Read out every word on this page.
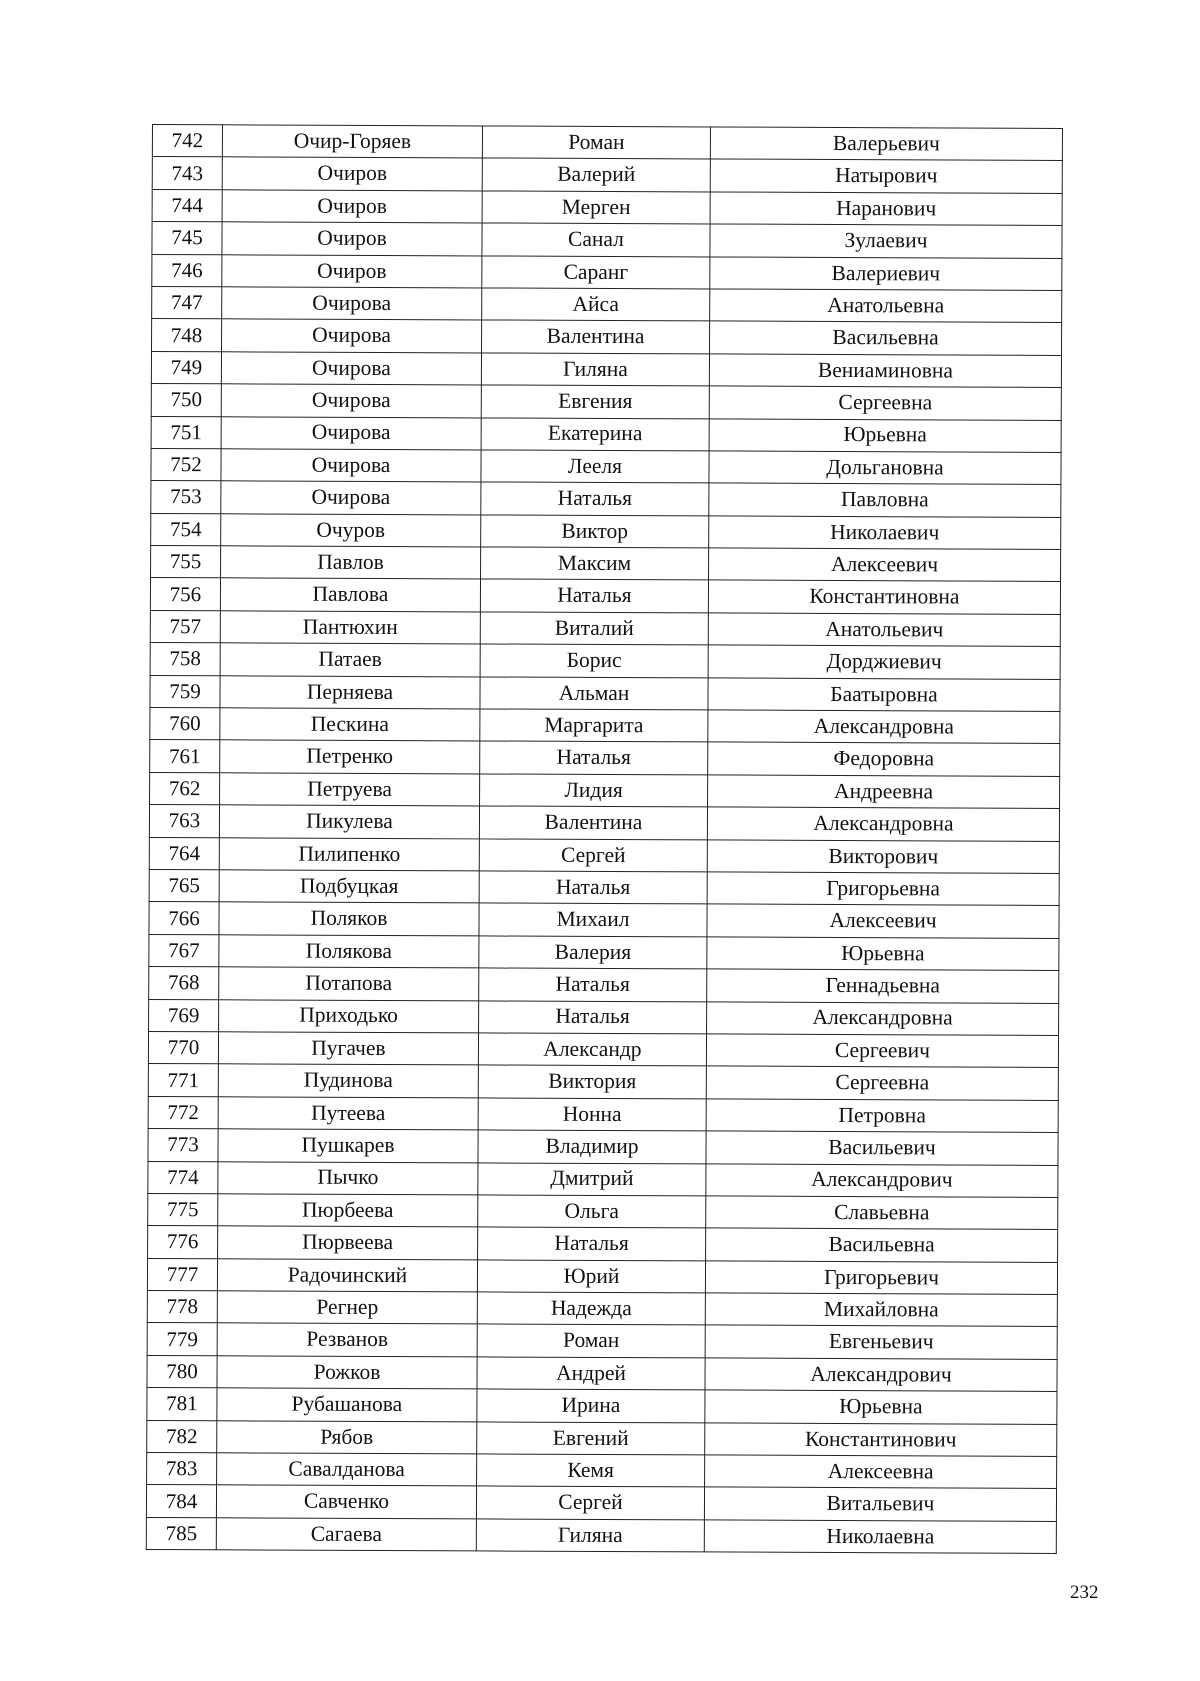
742	Очир-Горяев	Роман	Валерьевич
743	Очиров	Валерий	Натырович
744	Очиров	Мерген	Наранович
745	Очиров	Санал	Зулаевич
746	Очиров	Саранг	Валериевич
747	Очирова	Айса	Анатольевна
748	Очирова	Валентина	Васильевна
749	Очирова	Гиляна	Вениаминовна
750	Очирова	Евгения	Сергеевна
751	Очирова	Екатерина	Юрьевна
752	Очирова	Лееля	Дольгановна
753	Очирова	Наталья	Павловна
754	Очуров	Виктор	Николаевич
755	Павлов	Максим	Алексеевич
756	Павлова	Наталья	Константиновна
757	Пантюхин	Виталий	Анатольевич
758	Патаев	Борис	Дорджиевич
759	Перняева	Альман	Баатыровна
760	Пескина	Маргарита	Александровна
761	Петренко	Наталья	Федоровна
762	Петруева	Лидия	Андреевна
763	Пикулева	Валентина	Александровна
764	Пилипенко	Сергей	Викторович
765	Подбуцкая	Наталья	Григорьевна
766	Поляков	Михаил	Алексеевич
767	Полякова	Валерия	Юрьевна
768	Потапова	Наталья	Геннадьевна
769	Приходько	Наталья	Александровна
770	Пугачев	Александр	Сергеевич
771	Пудинова	Виктория	Сергеевна
772	Путеева	Нонна	Петровна
773	Пушкарев	Владимир	Васильевич
774	Пычко	Дмитрий	Александрович
775	Пюрбеева	Ольга	Славьевна
776	Пюрвеева	Наталья	Васильевна
777	Радочинский	Юрий	Григорьевич
778	Регнер	Надежда	Михайловна
779	Резванов	Роман	Евгеньевич
780	Рожков	Андрей	Александрович
781	Рубашанова	Ирина	Юрьевна
782	Рябов	Евгений	Константинович
783	Савалданова	Кемя	Алексеевна
784	Савченко	Сергей	Витальевич
785	Сагаева	Гиляна	Николаевна
232
